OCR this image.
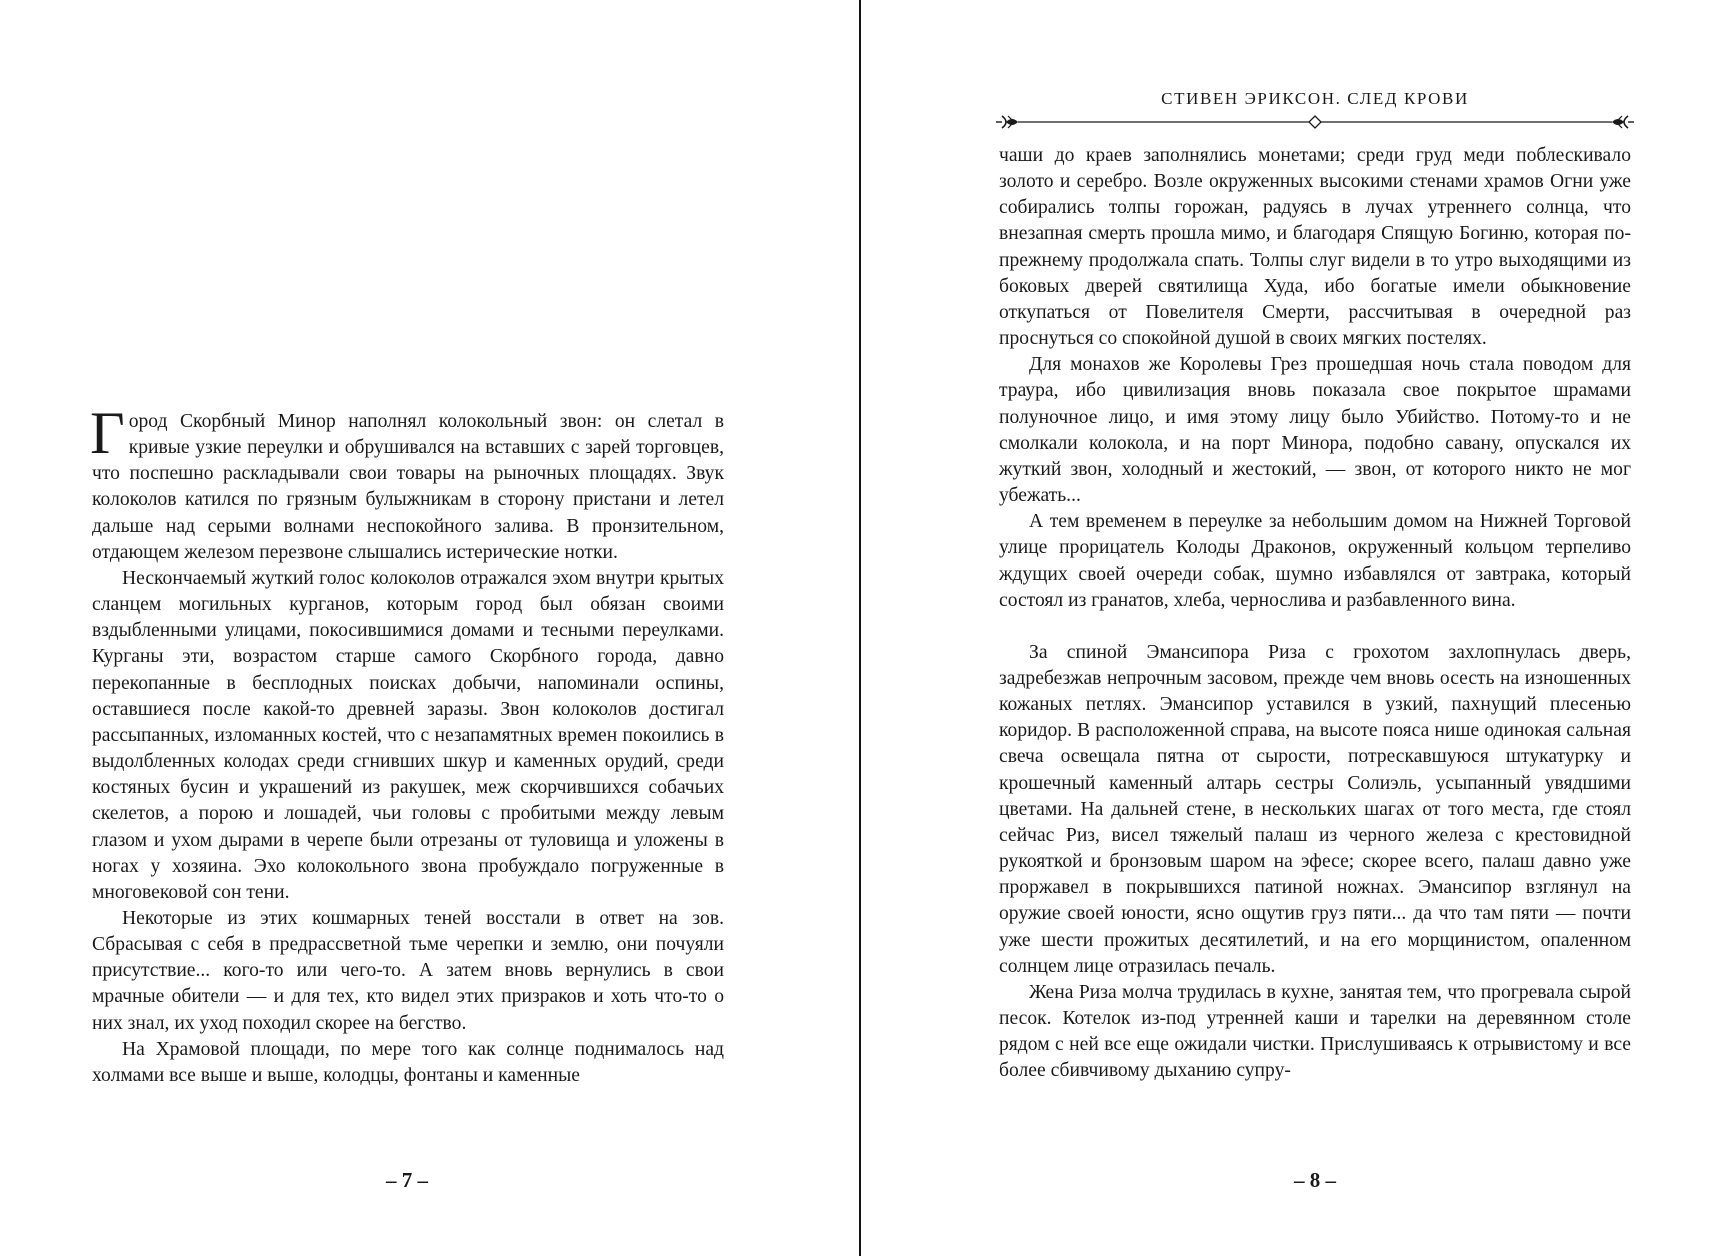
Город Скорбный Минор наполнял колокольный звон: он слетал в кривые узкие переулки и обрушивался на вставших с зарей торговцев, что поспешно раскладывали свои товары на рыночных площадях. Звук колоколов катился по грязным булыжникам в сторону пристани и летел дальше над серыми волнами неспокойного залива. В пронзительном, отдающем железом перезвоне слышались истерические нотки.

Нескончаемый жуткий голос колоколов отражался эхом внутри крытых сланцем могильных курганов, которым город был обязан своими вздыбленными улицами, покосившимися домами и тесными переулками. Курганы эти, возрастом старше самого Скорбного города, давно перекопанные в бесплодных поисках добычи, напоминали оспины, оставшиеся после какой-то древней заразы. Звон колоколов достигал рассыпанных, изломанных костей, что с незапамятных времен покоились в выдолбленных колодах среди сгнивших шкур и каменных орудий, среди костяных бусин и украшений из ракушек, меж скорчившихся собачьих скелетов, а порою и лошадей, чьи головы с пробитыми между левым глазом и ухом дырами в черепе были отрезаны от туловища и уложены в ногах у хозяина. Эхо колокольного звона пробуждало погруженные в многовековой сон тени.

Некоторые из этих кошмарных теней восстали в ответ на зов. Сбрасывая с себя в предрассветной тьме черепки и землю, они почуяли присутствие... кого-то или чего-то. А затем вновь вернулись в свои мрачные обители — и для тех, кто видел этих призраков и хоть что-то о них знал, их уход походил скорее на бегство.

На Храмовой площади, по мере того как солнце поднималось над холмами все выше и выше, колодцы, фонтаны и каменные

– 7 –
СТИВЕН ЭРИКСОН. СЛЕД КРОВИ

чаши до краев заполнялись монетами; среди груд меди поблескивало золото и серебро. Возле окруженных высокими стенами храмов Огни уже собирались толпы горожан, радуясь в лучах утреннего солнца, что внезапная смерть прошла мимо, и благодаря Спящую Богиню, которая по-прежнему продолжала спать. Толпы слуг видели в то утро выходящими из боковых дверей святилища Худа, ибо богатые имели обыкновение откупаться от Повелителя Смерти, рассчитывая в очередной раз проснуться со спокойной душой в своих мягких постелях.

Для монахов же Королевы Грез прошедшая ночь стала поводом для траура, ибо цивилизация вновь показала свое покрытое шрамами полуночное лицо, и имя этому лицу было Убийство. Потому-то и не смолкали колокола, и на порт Минора, подобно савану, опускался их жуткий звон, холодный и жестокий, — звон, от которого никто не мог убежать...

А тем временем в переулке за небольшим домом на Нижней Торговой улице прорицатель Колоды Драконов, окруженный кольцом терпеливо ждущих своей очереди собак, шумно избавлялся от завтрака, который состоял из гранатов, хлеба, чернослива и разбавленного вина.

За спиной Эмансипора Риза с грохотом захлопнулась дверь, задребезжав непрочным засовом, прежде чем вновь осесть на изношенных кожаных петлях. Эмансипор уставился в узкий, пахнущий плесенью коридор. В расположенной справа, на высоте пояса нише одинокая сальная свеча освещала пятна от сырости, потрескавшуюся штукатурку и крошечный каменный алтарь сестры Солиэль, усыпанный увядшими цветами. На дальней стене, в нескольких шагах от того места, где стоял сейчас Риз, висел тяжелый палаш из черного железа с крестовидной рукояткой и бронзовым шаром на эфесе; скорее всего, палаш давно уже проржавел в покрывшихся патиной ножнах. Эмансипор взглянул на оружие своей юности, ясно ощутив груз пяти... да что там пяти — почти уже шести прожитых десятилетий, и на его морщинистом, опаленном солнцем лице отразилась печаль.

Жена Риза молча трудилась в кухне, занятая тем, что прогревала сырой песок. Котелок из-под утренней каши и тарелки на деревянном столе рядом с ней все еще ожидали чистки. Прислушиваясь к отрывистому и все более сбивчивому дыханию супру-

– 8 –
